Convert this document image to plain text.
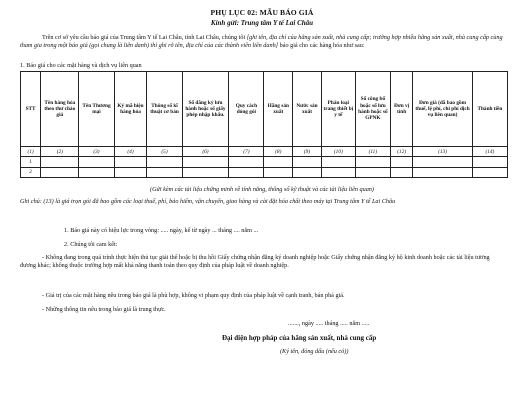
PHỤ LỤC 02: MẪU BÁO GIÁ
Kính gửi: Trung tâm Y tế Lai Châu
Trên cơ sở yêu cầu báo giá của Trung tâm Y tế Lai Châu, tỉnh Lai Châu, chúng tôi [ghi tên, địa chỉ của hãng sản xuất, nhà cung cấp; trường hợp nhiều hãng sản xuất, nhà cung cấp cùng tham gia trong một báo giá (gọi chung là liên danh) thì ghi rõ tên, địa chỉ của các thành viên liên danh] báo giá cho các hàng hóa như sau:
1. Báo giá cho các mặt hàng và dịch vụ liên quan
STT	Tên hàng hóa theo thư chào giá	Tên Thương mại	Ký mã hiệu hàng hóa	Thông số kĩ thuật cơ bản	Số đăng ký lưu hành hoặc số giấy phép nhập khẩu.	Quy cách đóng gói	Hãng sản xuất	Nước sản xuất	Phân loại trang thiết bị y tế	Số công bố hoặc số lưu hành hoặc số GPNK	Đơn vị tính	Đơn giá (đã bao gồm thuế, lệ phí, chi phí dịch vụ liên quan)	Thành tiền
(1)	(2)	(3)	(4)	(5)	(6)	(7)	(8)	(9)	(10)	(11)	(12)	(13)	(14)
1													
2													
(Gửi kèm các tài liệu chứng minh về tính năng, thông số kỹ thuật và các tài liệu liên quan)
Ghi chú: (13) là giá trọn gói đã bao gồm các loại thuế, phí, bảo hiểm, vận chuyển, giao hàng và cài đặt hóa chất theo máy tại Trung tâm Y tế Lai Châu
1. Báo giá này có hiệu lực trong vòng: ..... ngày, kể từ ngày ... tháng .... năm ...
2. Chúng tôi cam kết:
- Không đang trong quá trình thực hiện thủ tục giải thể hoặc bị thu hồi Giấy chứng nhận đăng ký doanh nghiệp hoặc Giấy chứng nhận đăng ký hộ kinh doanh hoặc các tài liệu tương đương khác; không thuộc trường hợp mất khả năng thanh toán theo quy định của pháp luật về doanh nghiệp.
- Giá trị của các mặt hàng nêu trong báo giá là phù hợp, không vi phạm quy định của pháp luật về cạnh tranh, bán phá giá.
- Những thông tin nêu trong báo giá là trung thực.
......., ngày ..... tháng ..... năm .....
Đại diện hợp pháp của hãng sản xuất, nhà cung cấp
(Ký tên, đóng dấu (nếu có))
